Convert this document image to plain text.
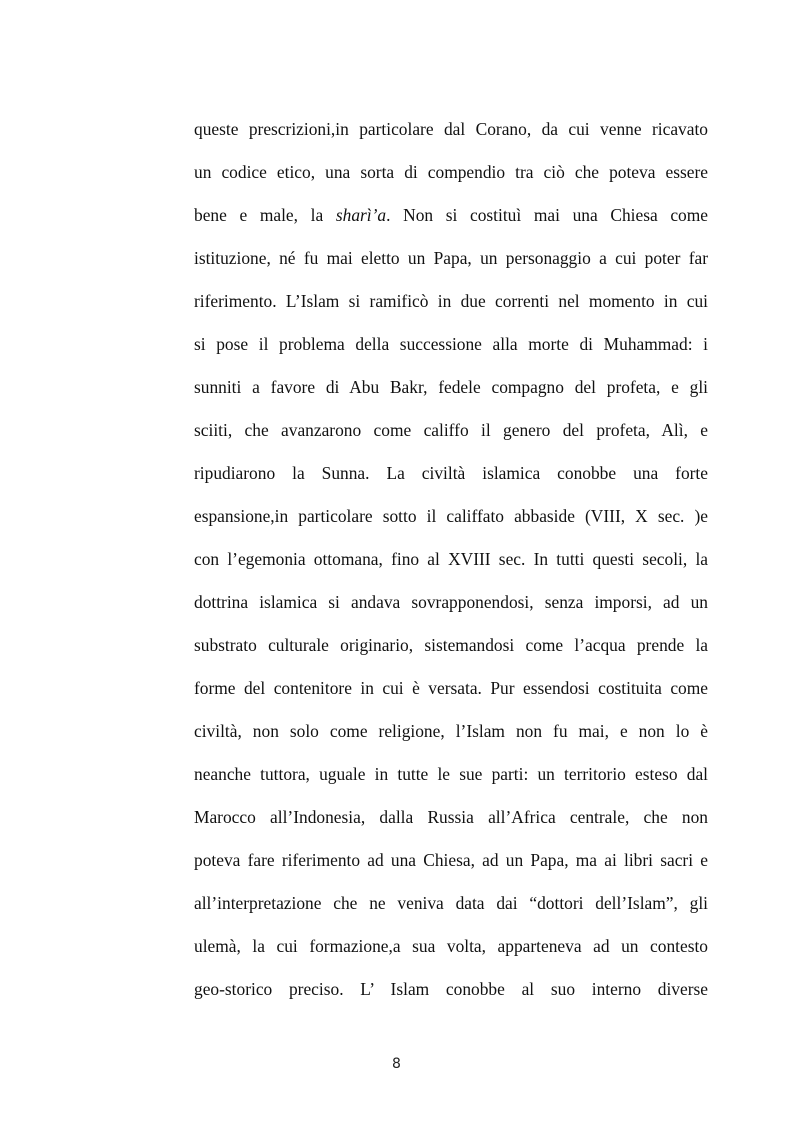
queste prescrizioni,in particolare dal Corano, da cui venne ricavato
un codice etico, una sorta di compendio tra ciò che poteva essere
bene e male, la sharì’a. Non si costituì mai una Chiesa come
istituzione, né fu mai eletto un Papa, un personaggio a cui poter far
riferimento. L’Islam si ramificò in due correnti nel momento in cui
si pose il problema della successione alla morte di Muhammad: i
sunniti a favore di Abu Bakr, fedele compagno del profeta, e gli
sciiti, che avanzarono come califfo il genero del profeta, Alì, e
ripudiarono la Sunna. La civiltà islamica conobbe una forte
espansione,in particolare sotto il califfato abbaside (VIII, X sec. )e
con l’egemonia ottomana, fino al XVIII sec. In tutti questi secoli, la
dottrina islamica si andava sovrapponendosi, senza imporsi, ad un
substrato culturale originario, sistemandosi come l’acqua prende la
forme del contenitore in cui è versata. Pur essendosi costituita come
civiltà, non solo come religione, l’Islam non fu mai, e non lo è
neanche tuttora, uguale in tutte le sue parti: un territorio esteso dal
Marocco all’Indonesia, dalla Russia all’Africa centrale, che non
poteva fare riferimento ad una Chiesa, ad un Papa, ma ai libri sacri e
all’interpretazione che ne veniva data dai “dottori dell’Islam”, gli
ulemà, la cui formazione,a sua volta, apparteneva ad un contesto
geo-storico preciso. L’ Islam conobbe al suo interno diverse
8
